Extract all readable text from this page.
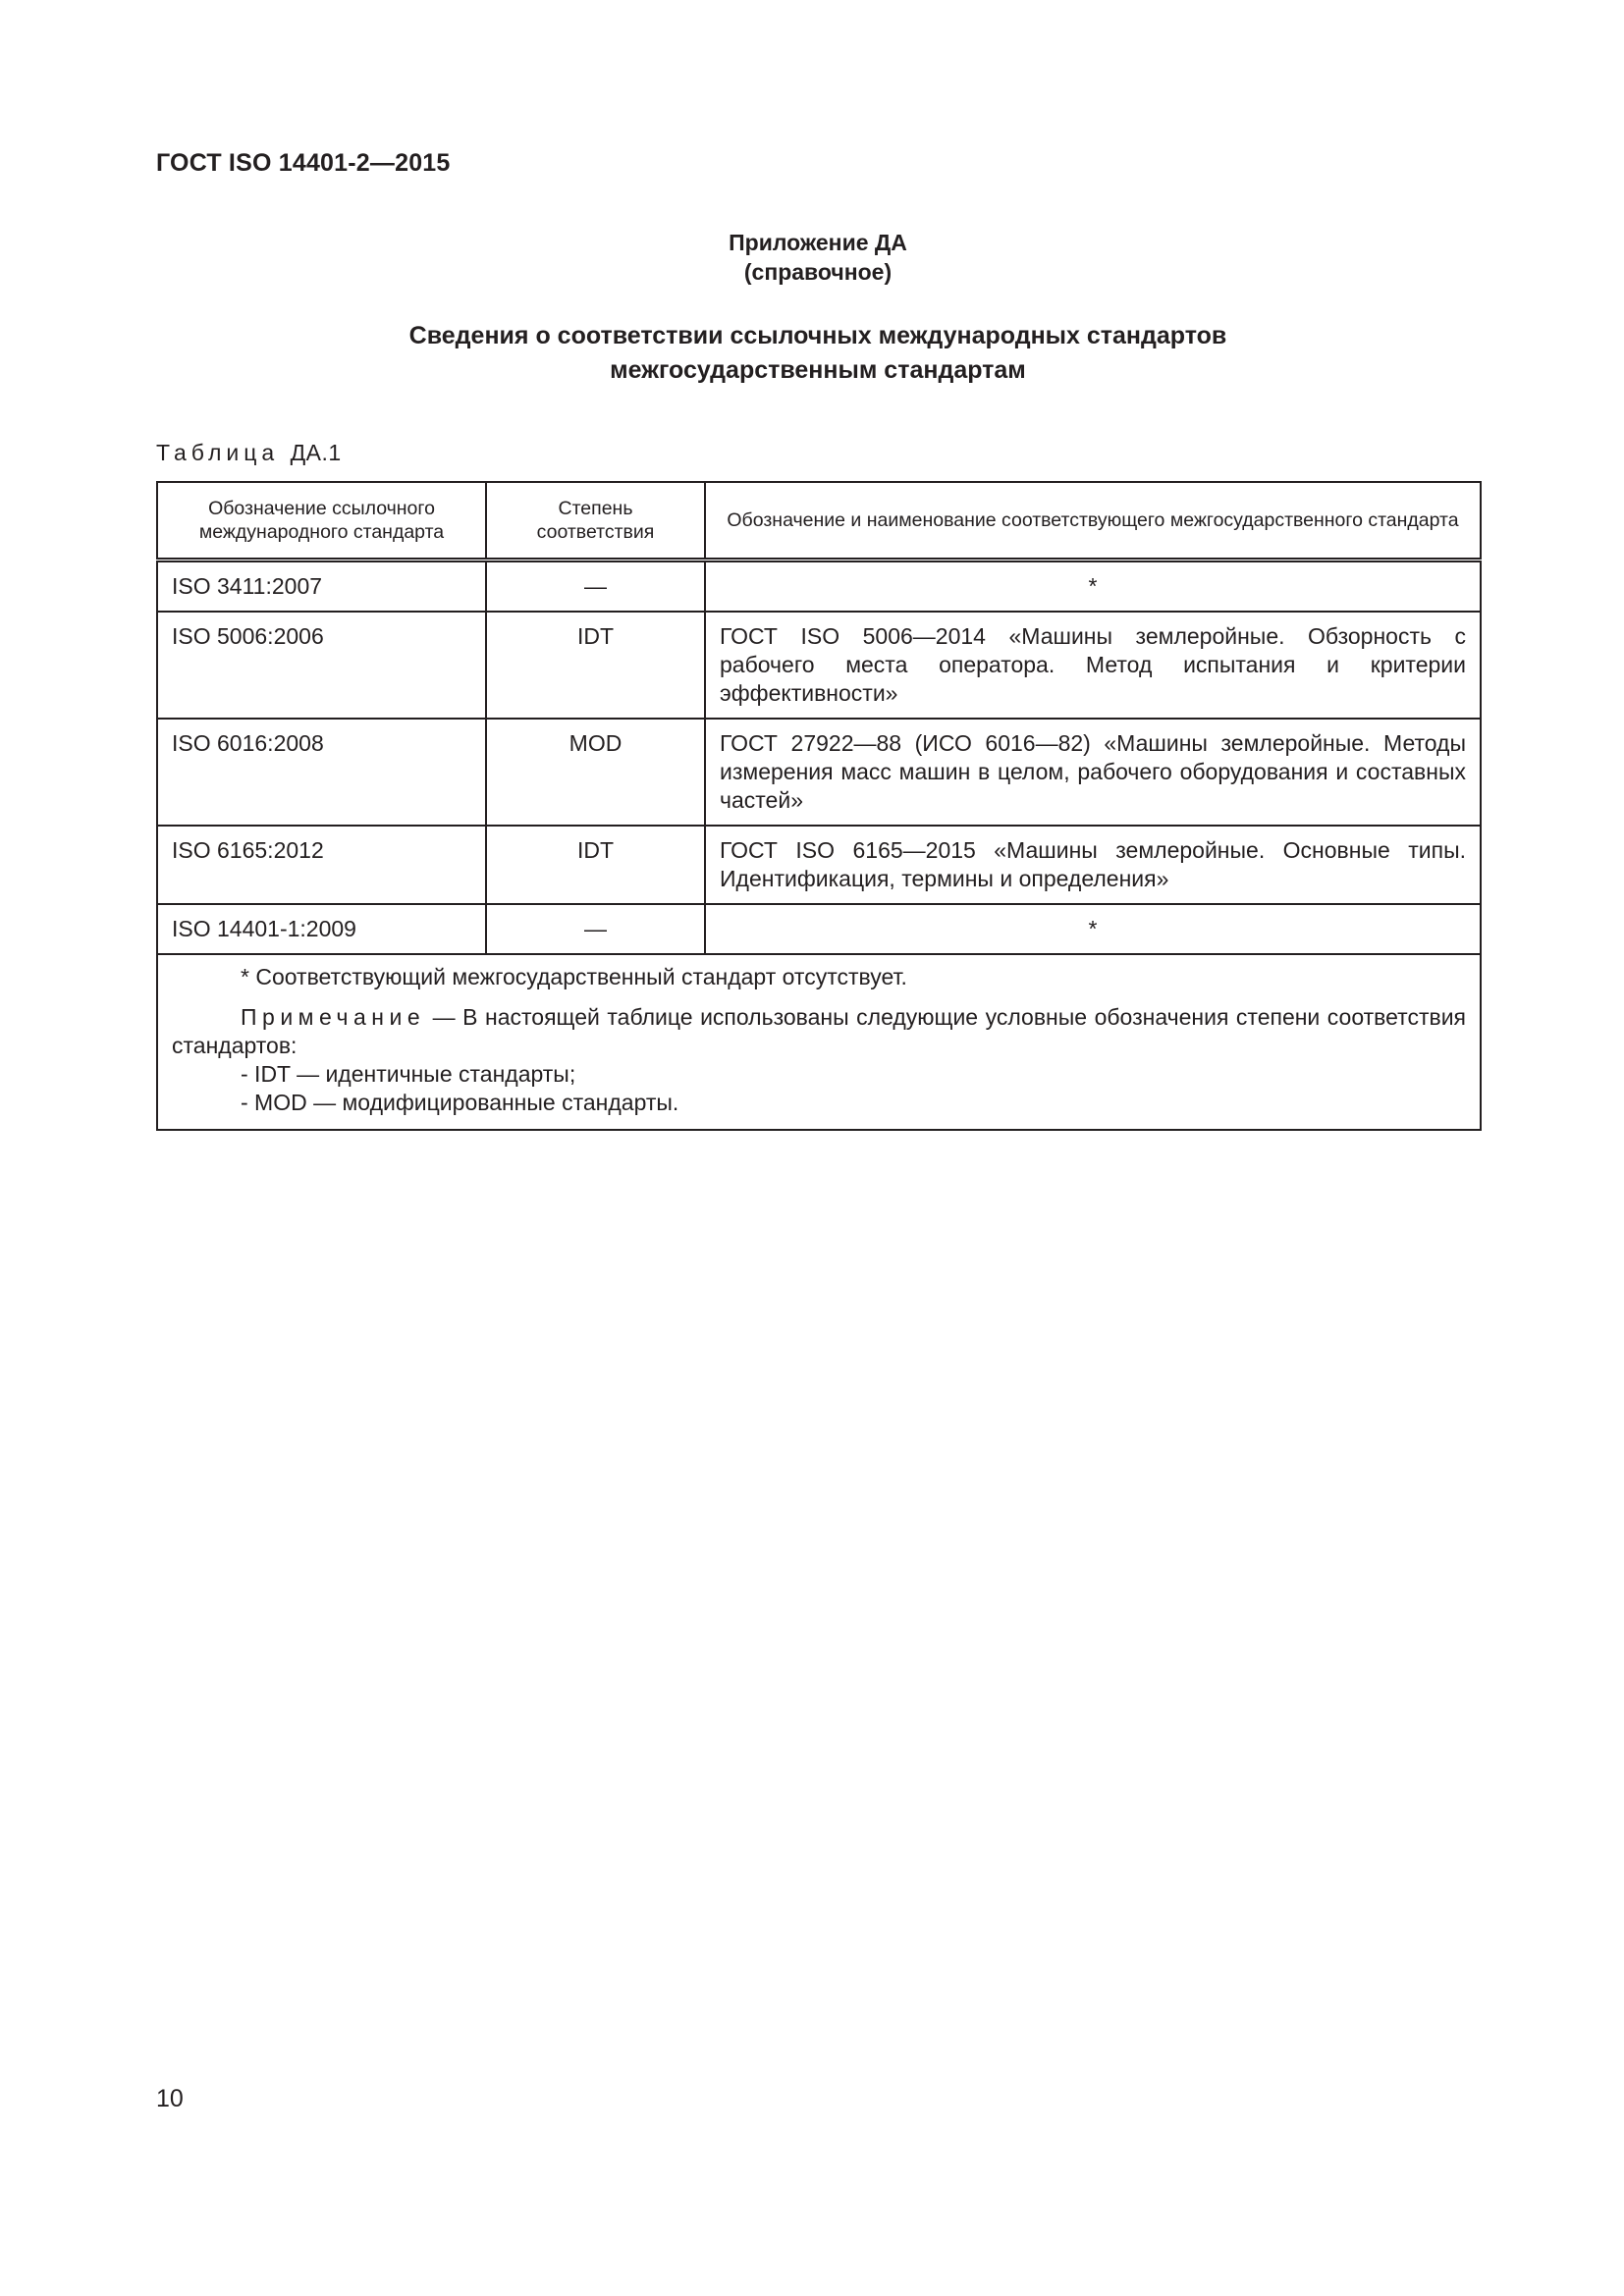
ГОСТ ISO 14401-2—2015
Приложение ДА
(справочное)
Сведения о соответствии ссылочных международных стандартов
межгосударственным стандартам
Таблица ДА.1
Обозначение ссылочного международного стандарта	Степень соответствия	Обозначение и наименование соответствующего межгосударственного стандарта
ISO 3411:2007	—	*
ISO 5006:2006	IDT	ГОСТ ISO 5006—2014 «Машины землеройные. Обзорность с рабочего места оператора. Метод испытания и критерии эффективности»
ISO 6016:2008	MOD	ГОСТ 27922—88 (ИСО 6016—82) «Машины землеройные. Методы измерения масс машин в целом, рабочего оборудования и составных частей»
ISO 6165:2012	IDT	ГОСТ ISO 6165—2015 «Машины землеройные. Основные типы. Идентификация, термины и определения»
ISO 14401-1:2009	—	*

* Соответствующий межгосударственный стандарт отсутствует.
Примечание — В настоящей таблице использованы следующие условные обозначения степени соответствия стандартов:
- IDT — идентичные стандарты;
- MOD — модифицированные стандарты.		
10
